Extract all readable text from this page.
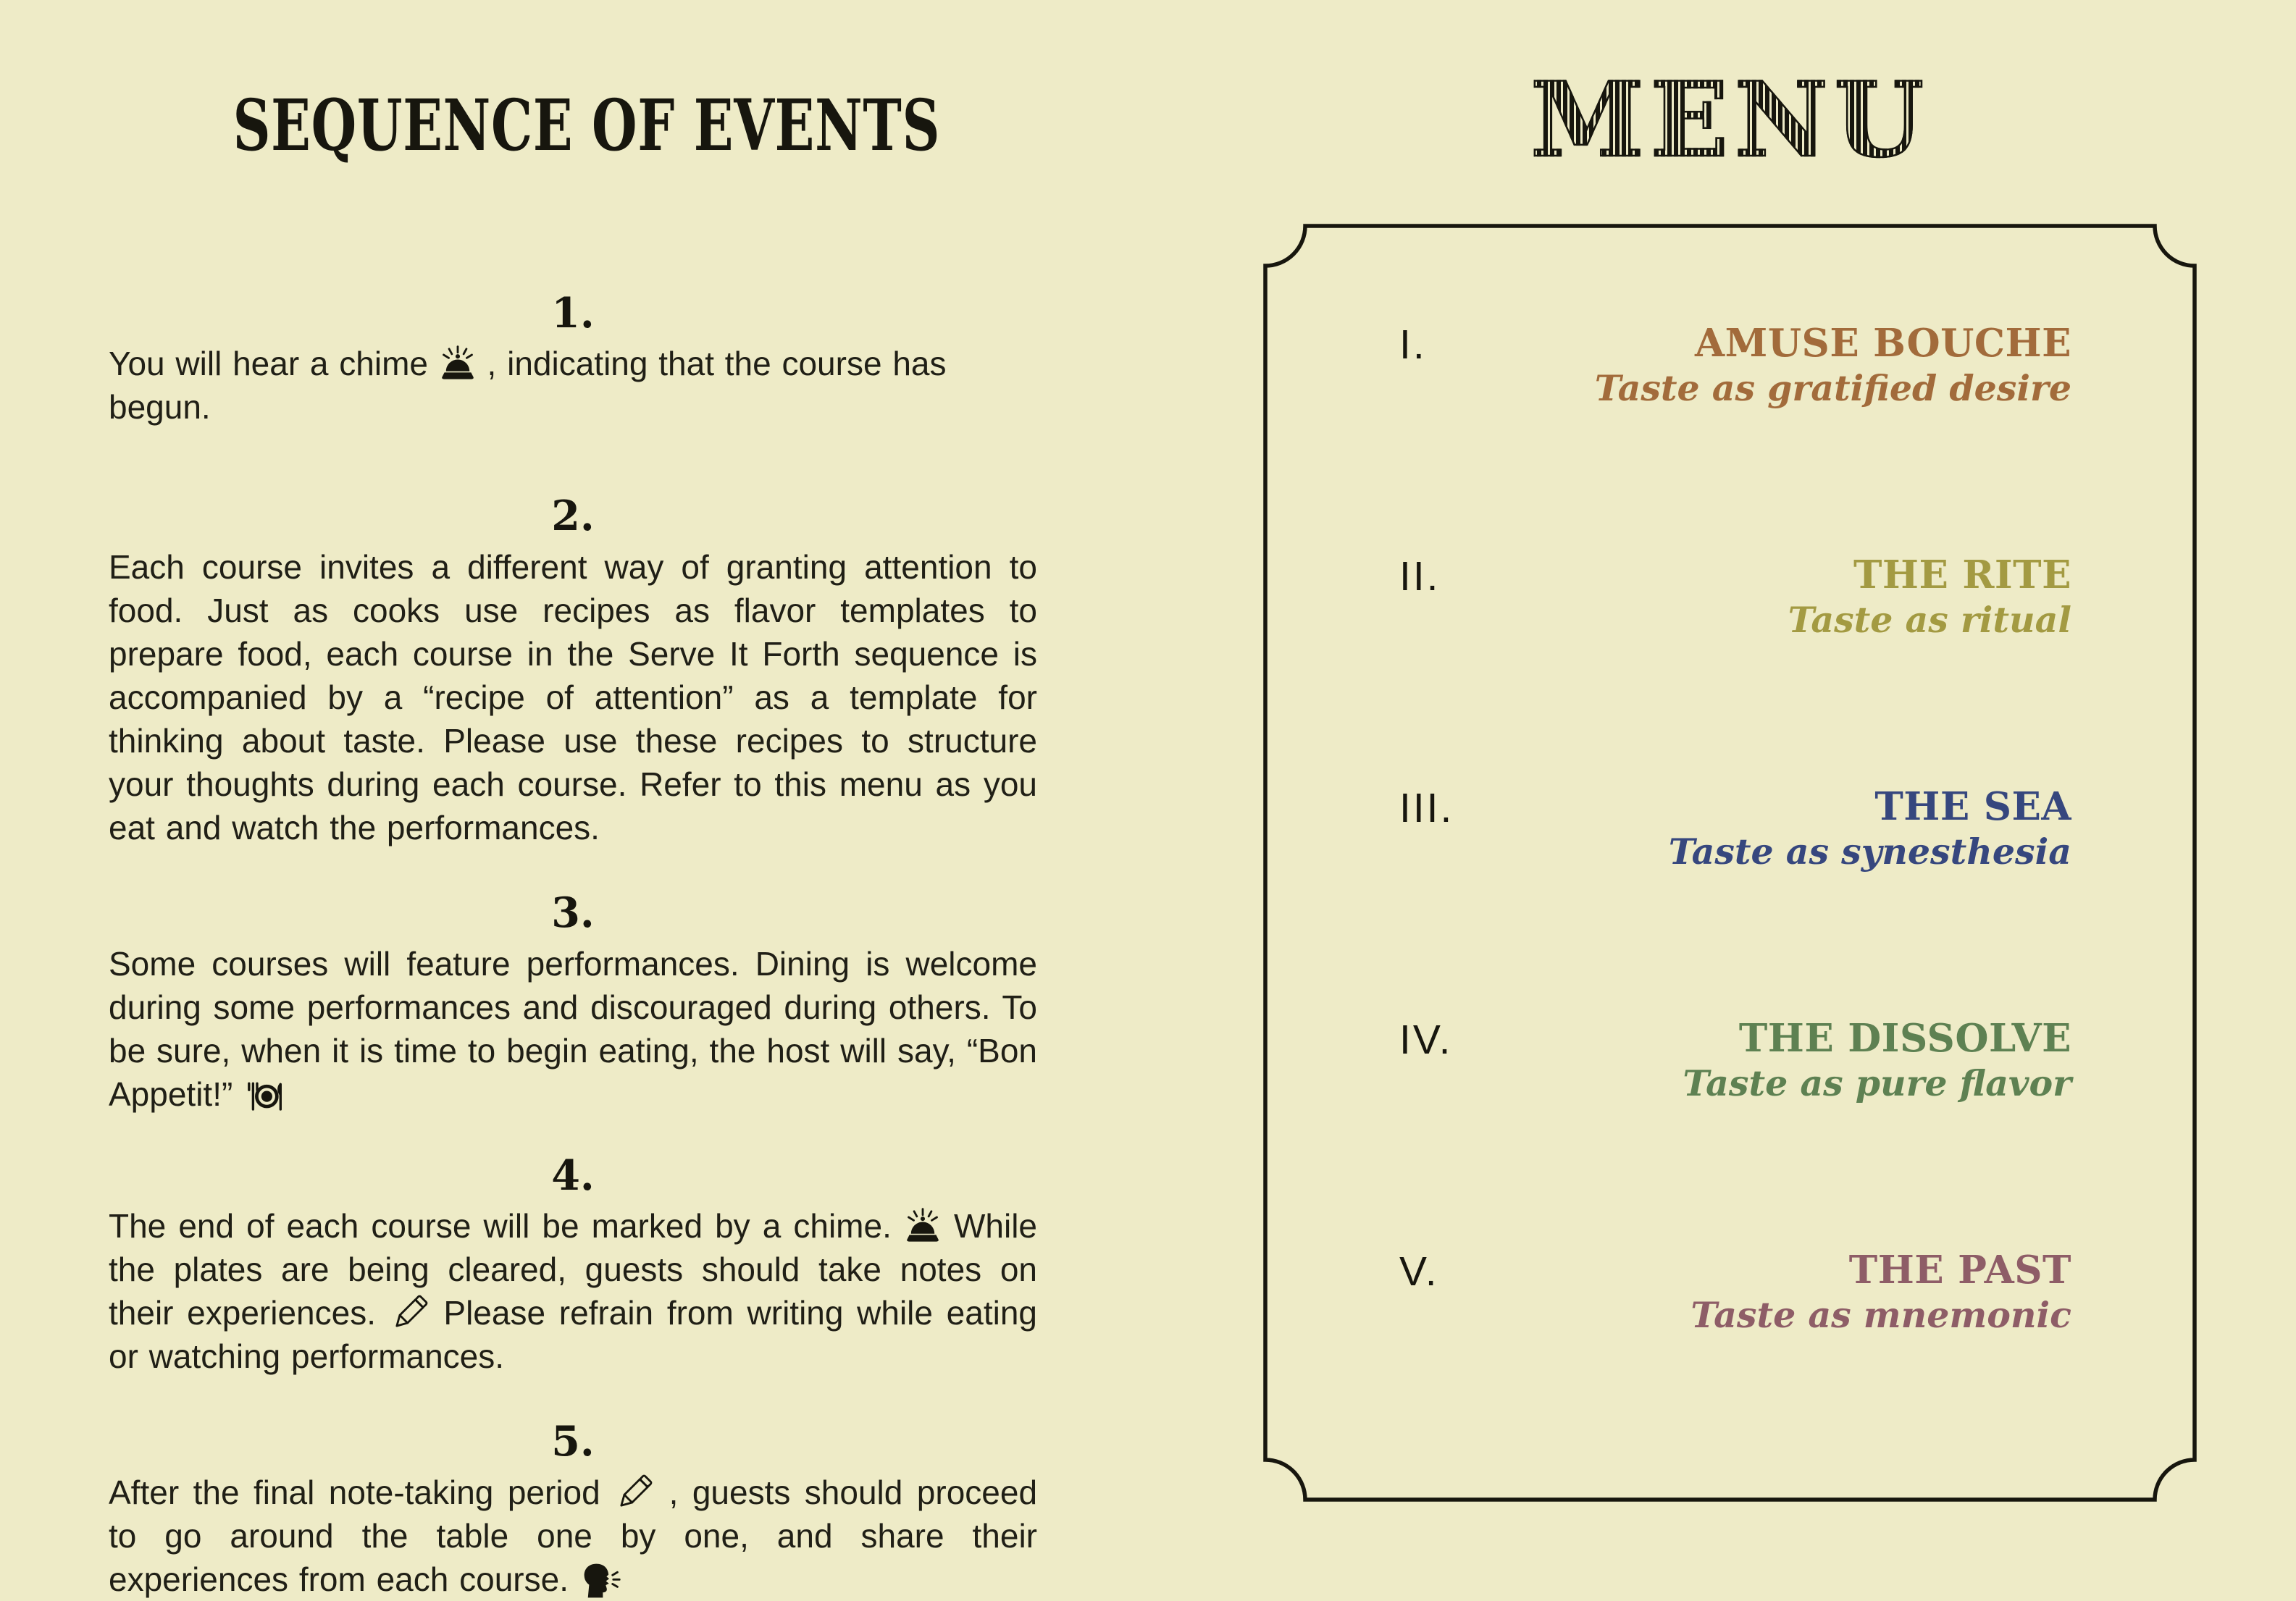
SEQUENCE OF EVENTS
1.

You will hear a chime  , indicating that the course has begun.

2.

Each course invites a different way of granting attention to food. Just as cooks use recipes as flavor templates to prepare food, each course in the Serve It Forth sequence is accompanied by a “recipe of attention” as a template for thinking about taste. Please use these recipes to structure your thoughts during each course. Refer to this menu as you eat and watch the performances.

3.

Some courses will feature performances. Dining is welcome during some performances and discouraged during others. To be sure, when it is time to begin eating, the host will say, “Bon Appetit!”

4.

The end of each course will be marked by a chime.  While the plates are being cleared, guests should take notes on their experiences.  Please refrain from writing while eating or watching performances.

5.

After the final note-taking period  , guests should proceed to go around the table one by one, and share their experiences from each course.

MENU
I.	AMUSE BOUCHE
Taste as gratified desire
II.	THE RITE
Taste as ritual
III.	THE SEA
Taste as synesthesia
IV.	THE DISSOLVE
Taste as pure flavor
V.	THE PAST
Taste as mnemonic
